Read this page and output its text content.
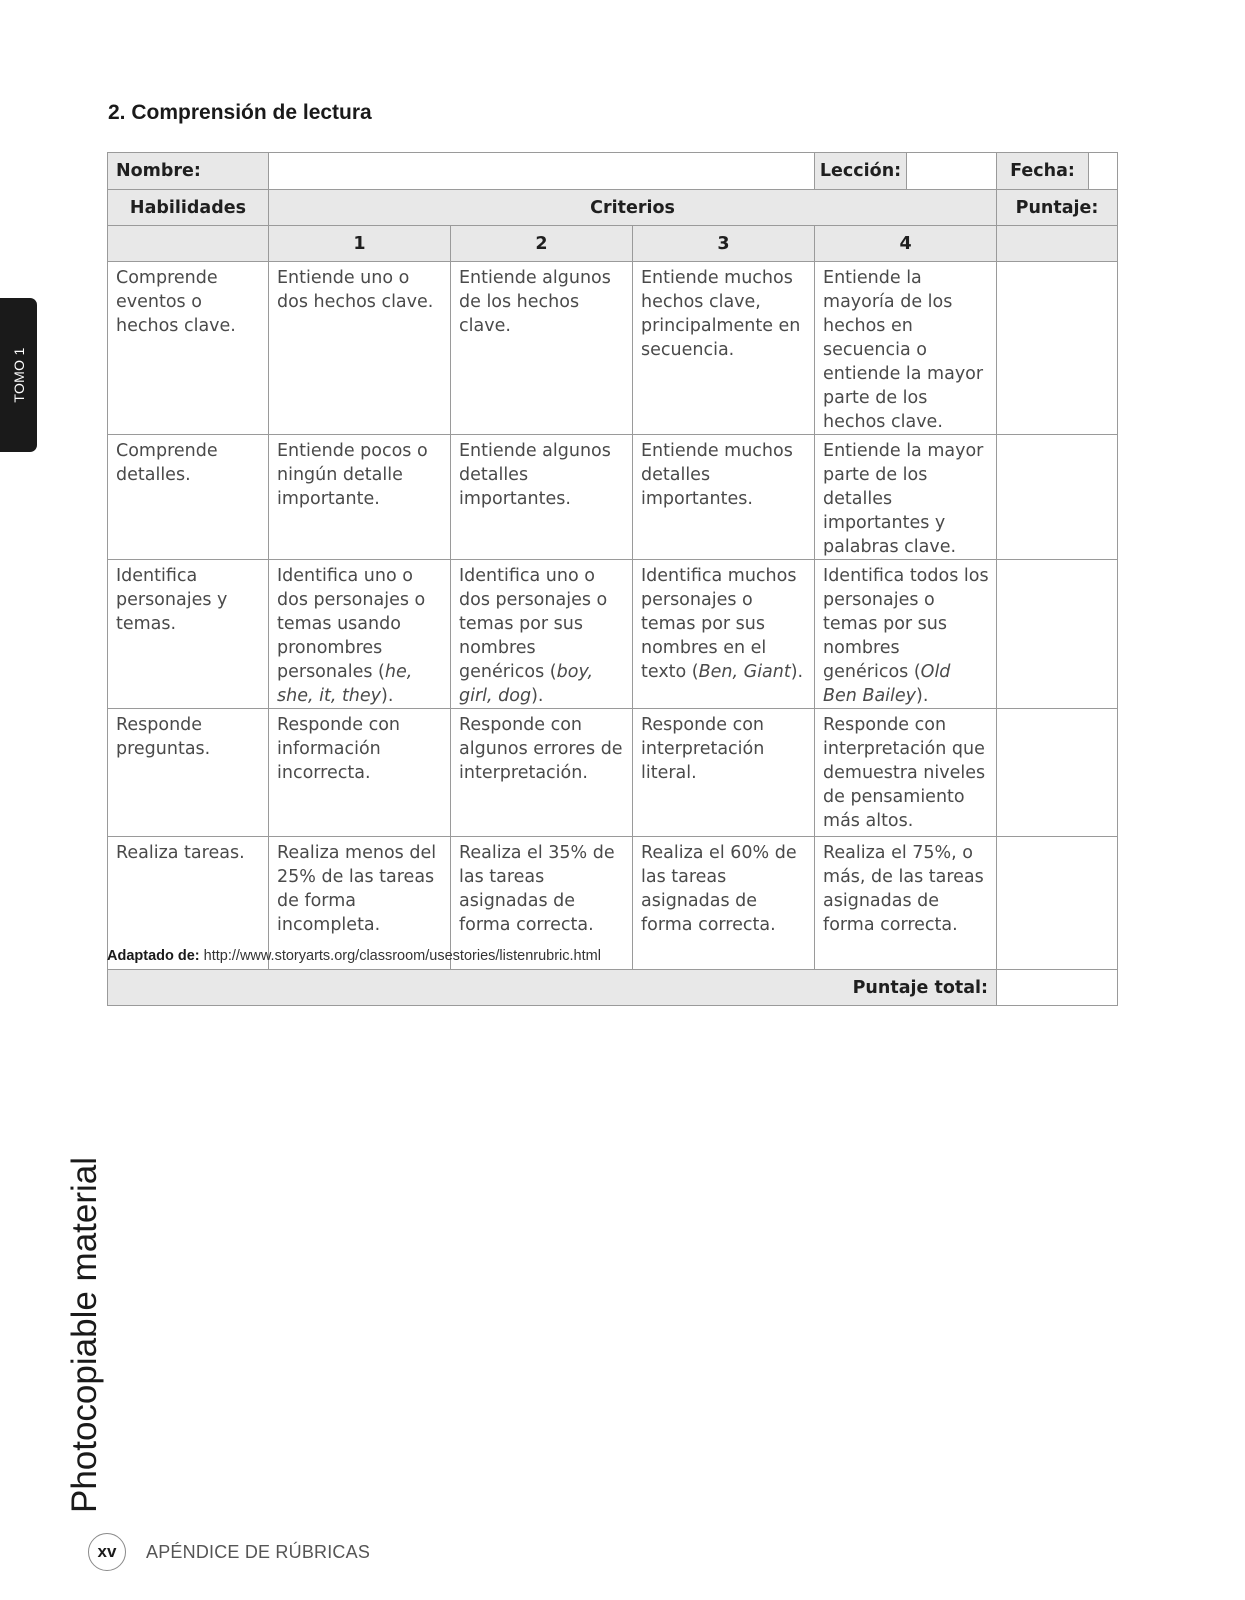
TOMO 1
2. Comprensión de lectura
Nombre:				Lección:	Fecha:

Habilidades	Criterios				Puntaje:
	1	2	3	4	
Comprende eventos o hechos clave.	Entiende uno o dos hechos clave.	Entiende algunos de los hechos clave.	Entiende muchos hechos clave, principalmente en secuencia.	Entiende la mayoría de los hechos en secuencia o entiende la mayor parte de los hechos clave.	
Comprende detalles.	Entiende pocos o ningún detalle importante.	Entiende algunos detalles importantes.	Entiende muchos detalles importantes.	Entiende la mayor parte de los detalles importantes y palabras clave.	
Identifica personajes y temas.	Identifica uno o dos personajes o temas usando pronombres personales (he, she, it, they).	Identifica uno o dos personajes o temas por sus nombres genéricos (boy, girl, dog).	Identifica muchos personajes o temas por sus nombres en el texto (Ben, Giant).	Identifica todos los personajes o temas por sus nombres genéricos (Old Ben Bailey).	
Responde preguntas.	Responde con información incorrecta.	Responde con algunos errores de interpretación.	Responde con interpretación literal.	Responde con interpretación que demuestra niveles de pensamiento más altos.	
Realiza tareas.	Realiza menos del 25% de las tareas de forma incompleta.	Realiza el 35% de las tareas asignadas de forma correcta.	Realiza el 60% de las tareas asignadas de forma correcta.	Realiza el 75%, o más, de las tareas asignadas de forma correcta.	
Puntaje total:					
Adaptado de: http://www.storyarts.org/classroom/usestories/listenrubric.html
Photocopiable material
xv	APÉNDICE DE RÚBRICAS
